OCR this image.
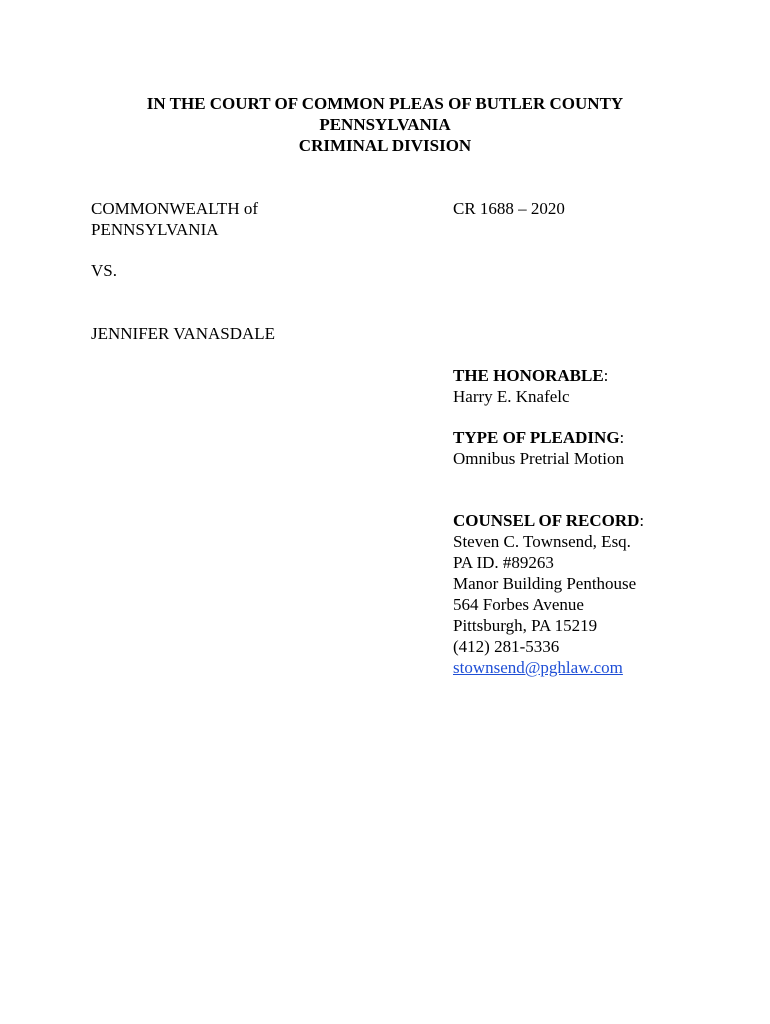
IN THE COURT OF COMMON PLEAS OF BUTLER COUNTY
PENNSYLVANIA
CRIMINAL DIVISION
COMMONWEALTH of
PENNSYLVANIA
CR 1688 – 2020
VS.
JENNIFER VANASDALE
THE HONORABLE:
Harry E. Knafelc
TYPE OF PLEADING:
Omnibus Pretrial Motion
COUNSEL OF RECORD:
Steven C. Townsend, Esq.
PA ID. #89263
Manor Building Penthouse
564 Forbes Avenue
Pittsburgh, PA 15219
(412) 281-5336
stownsend@pghlaw.com
